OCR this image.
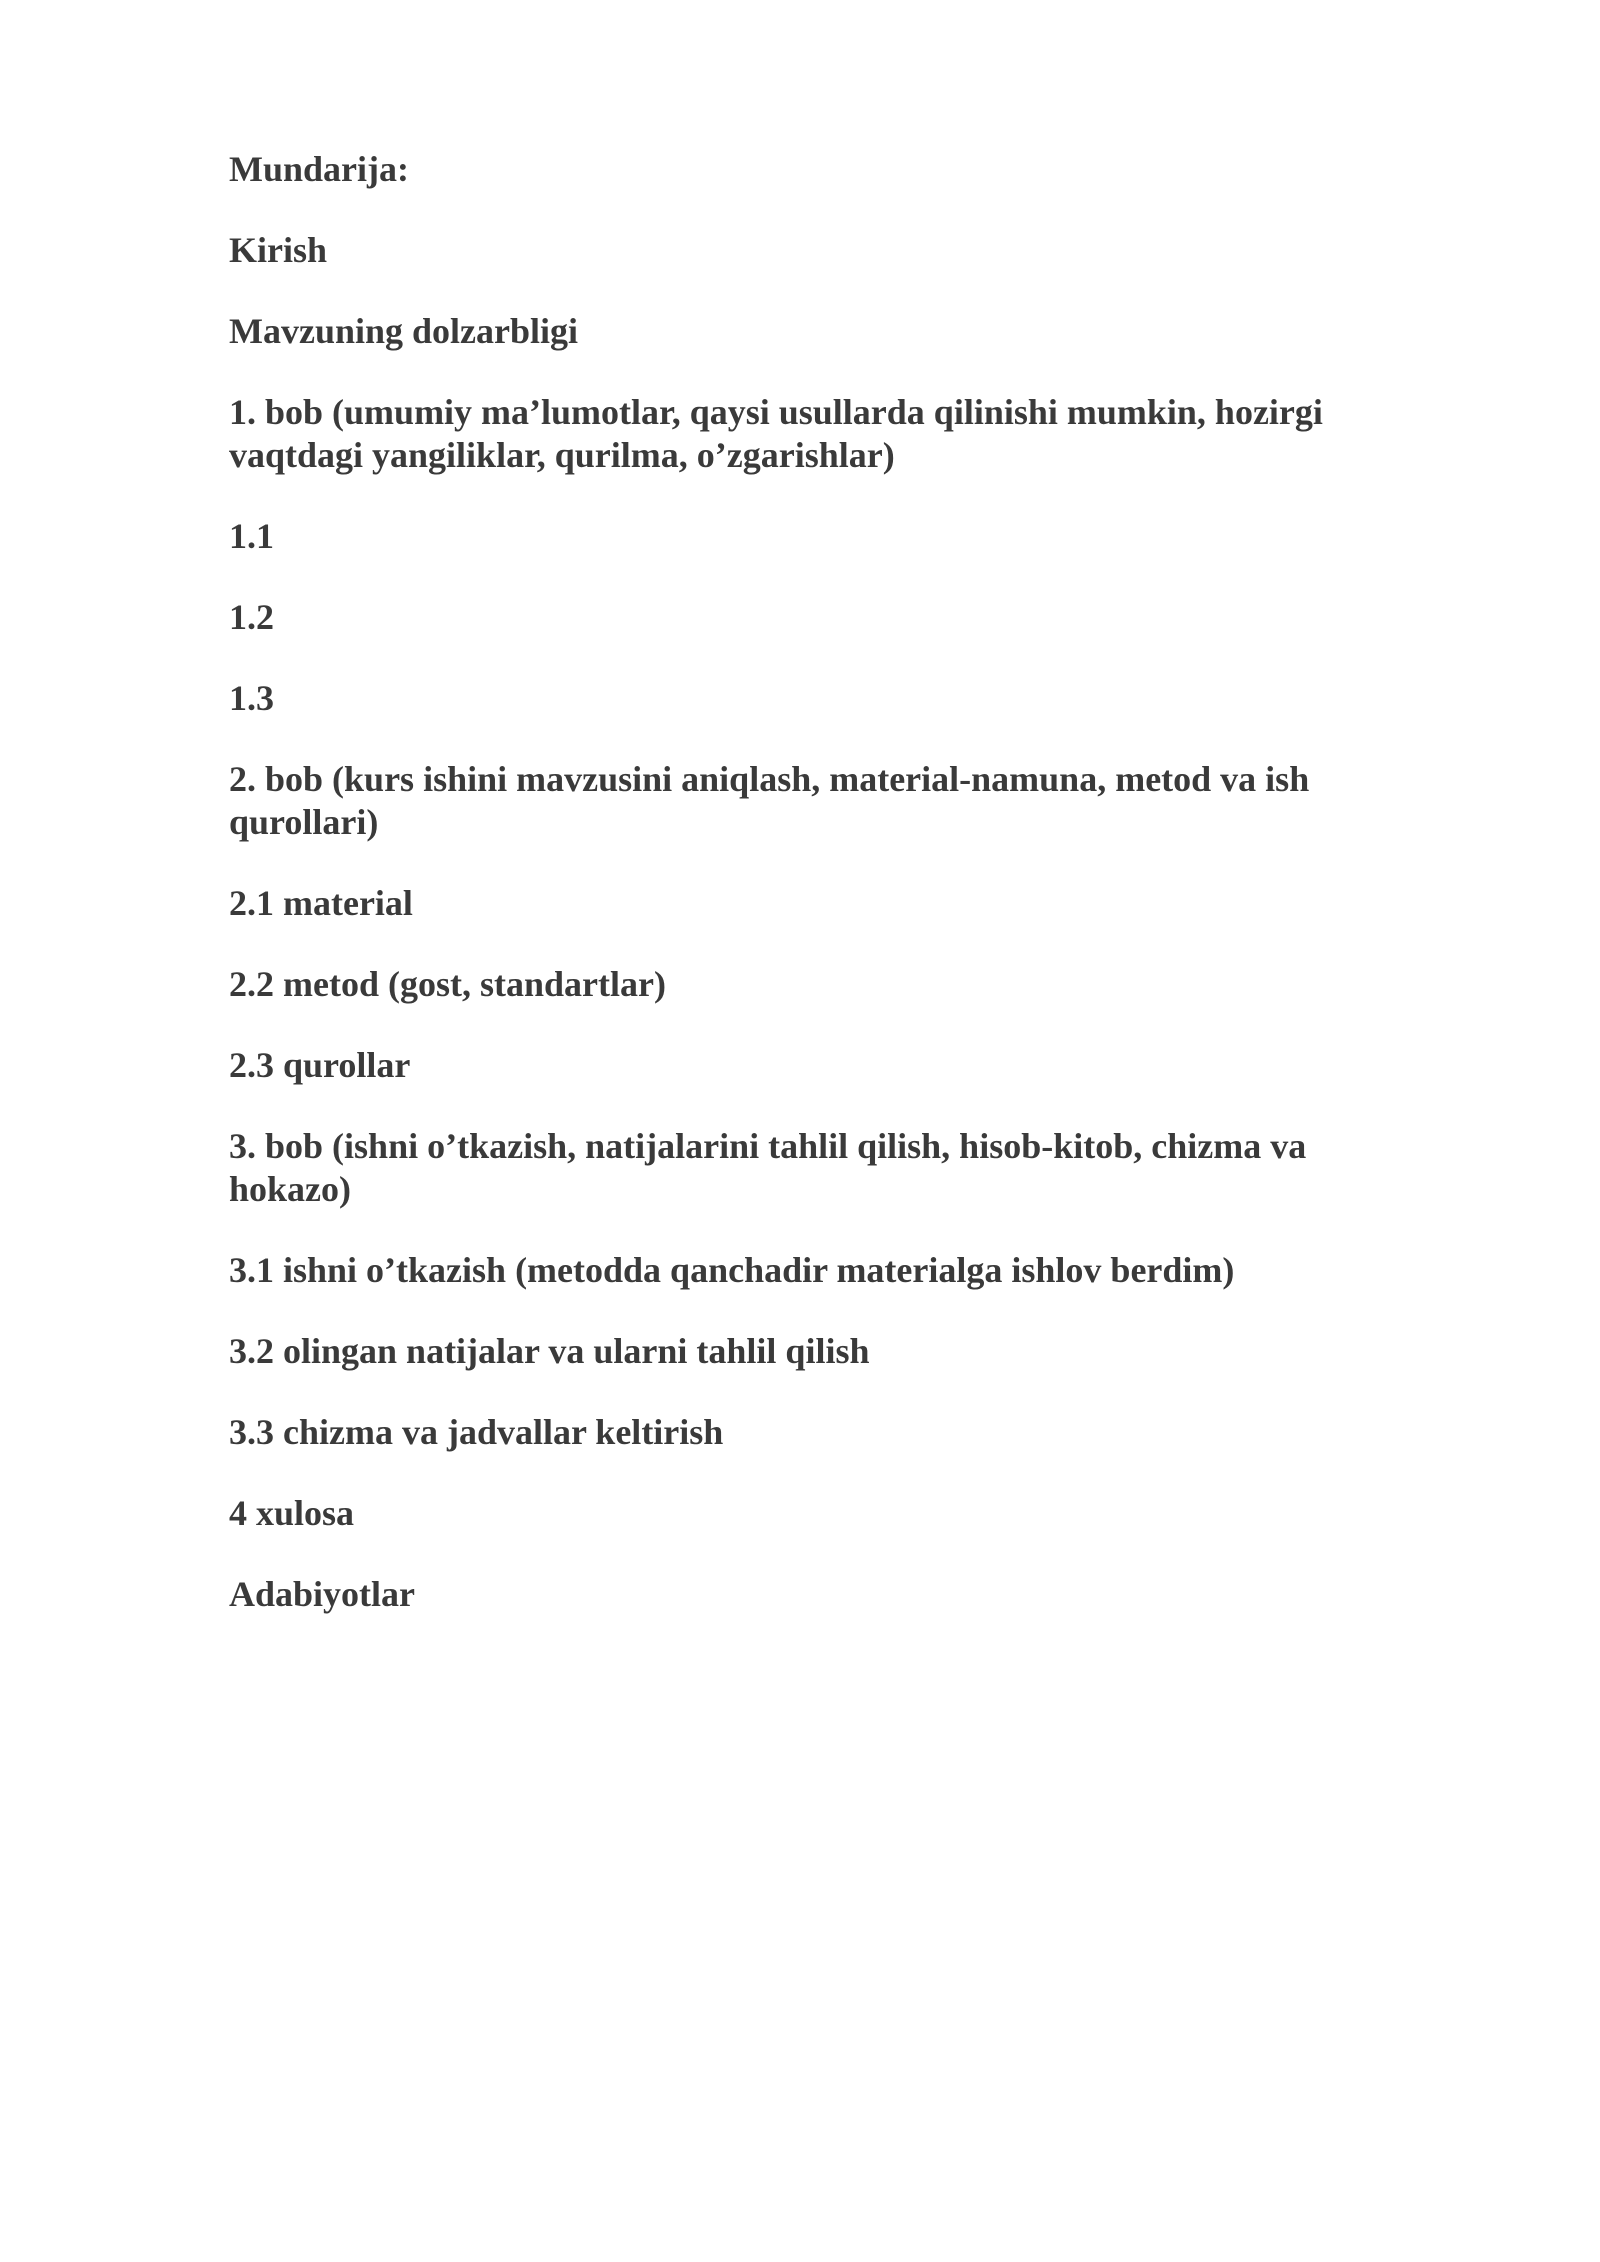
Mundarija:

Kirish

Mavzuning dolzarbligi

1. bob (umumiy ma’lumotlar, qaysi usullarda qilinishi mumkin, hozirgi vaqtdagi yangiliklar, qurilma, o’zgarishlar)

1.1

1.2

1.3

2. bob (kurs ishini mavzusini aniqlash, material-namuna, metod va ish qurollari)

2.1 material

2.2 metod (gost, standartlar)

2.3 qurollar

3. bob (ishni o’tkazish, natijalarini tahlil qilish, hisob-kitob, chizma va hokazo)

3.1 ishni o’tkazish (metodda qanchadir materialga ishlov berdim)

3.2 olingan natijalar va ularni tahlil qilish

3.3 chizma va jadvallar keltirish

4 xulosa

Adabiyotlar
